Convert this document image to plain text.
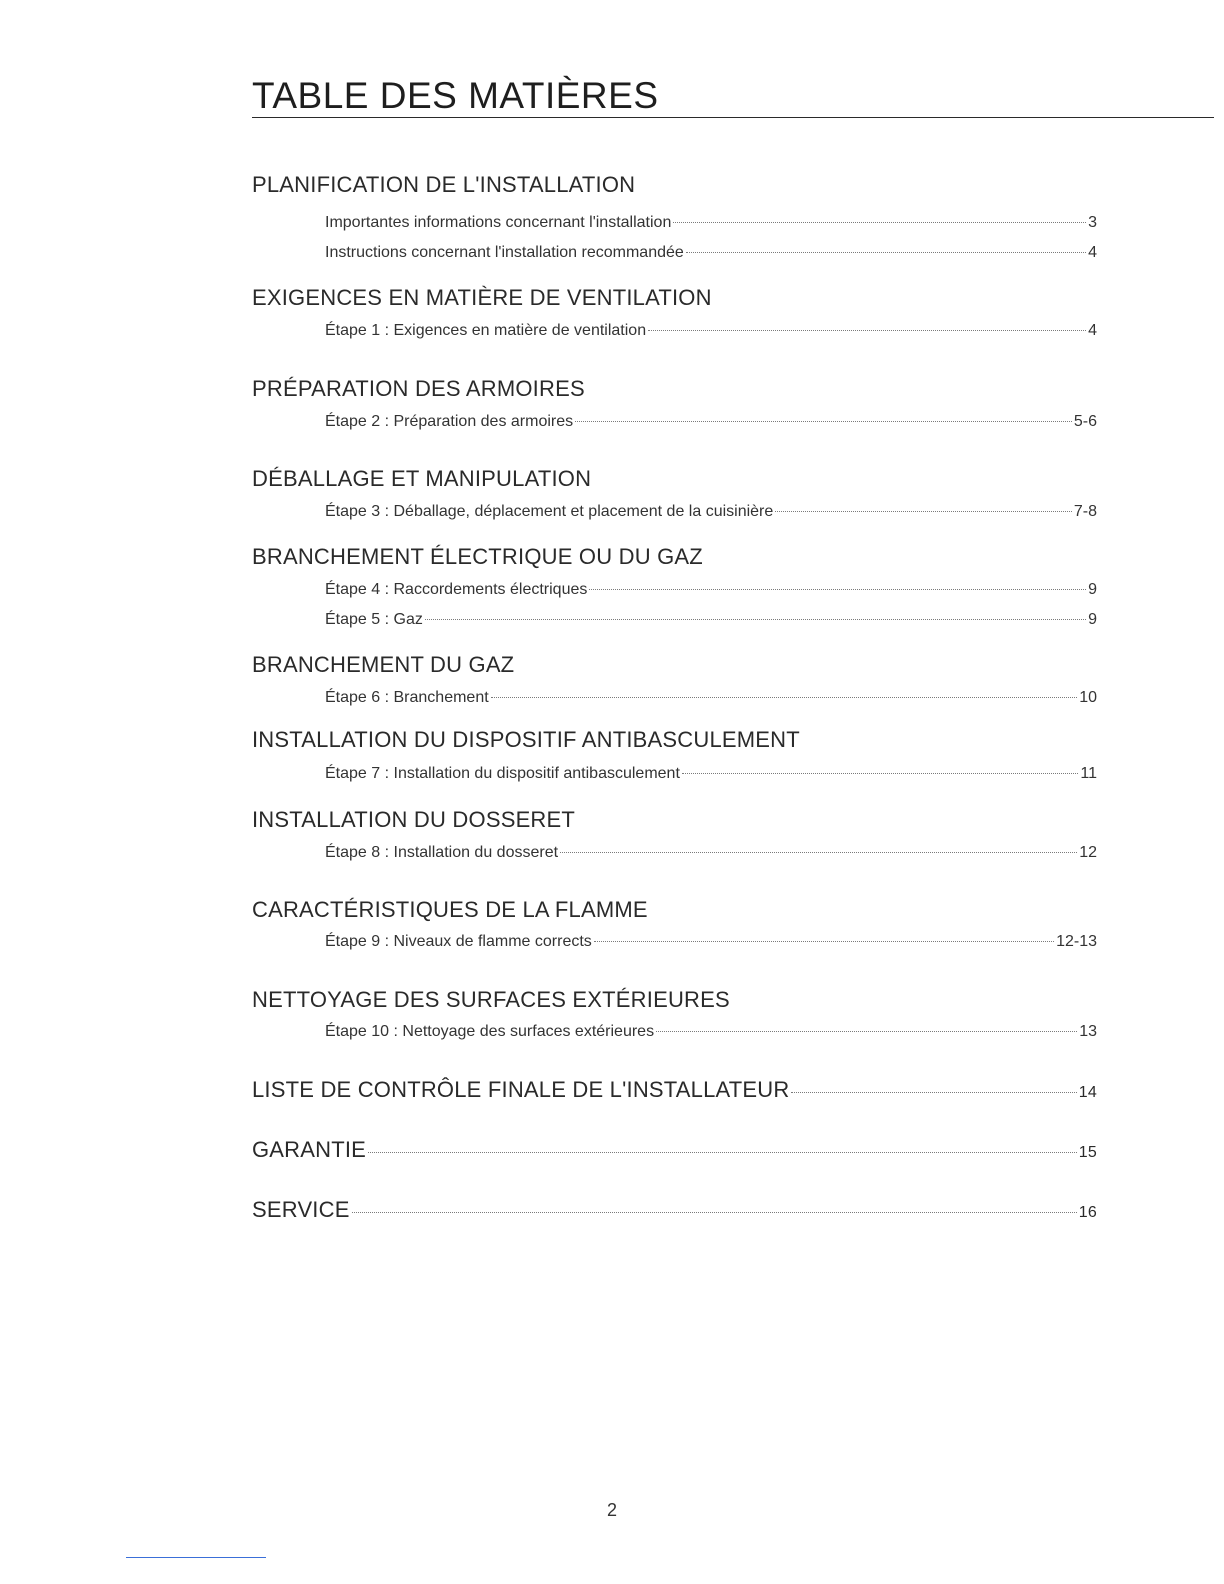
TABLE DES MATIÈRES
PLANIFICATION DE L'INSTALLATION
Importantes informations concernant l'installation	3
Instructions concernant l'installation recommandée	4
EXIGENCES EN MATIÈRE DE VENTILATION
Étape 1 : Exigences en matière de ventilation	4
PRÉPARATION DES ARMOIRES
Étape 2 : Préparation des armoires	5-6
DÉBALLAGE ET MANIPULATION
Étape 3 : Déballage, déplacement et placement de la cuisinière	7-8
BRANCHEMENT ÉLECTRIQUE OU DU GAZ
Étape 4 : Raccordements électriques	9
Étape 5 : Gaz	9
BRANCHEMENT DU GAZ
Étape 6 : Branchement	10
INSTALLATION DU DISPOSITIF ANTIBASCULEMENT
Étape 7 : Installation du dispositif antibasculement	11
INSTALLATION DU DOSSERET
Étape 8 : Installation du dosseret	12
CARACTÉRISTIQUES DE LA FLAMME
Étape 9 : Niveaux de flamme corrects	12-13
NETTOYAGE DES SURFACES EXTÉRIEURES
Étape 10 : Nettoyage des surfaces extérieures	13
LISTE DE CONTRÔLE FINALE DE L'INSTALLATEUR	14
GARANTIE	15
SERVICE	16
2
